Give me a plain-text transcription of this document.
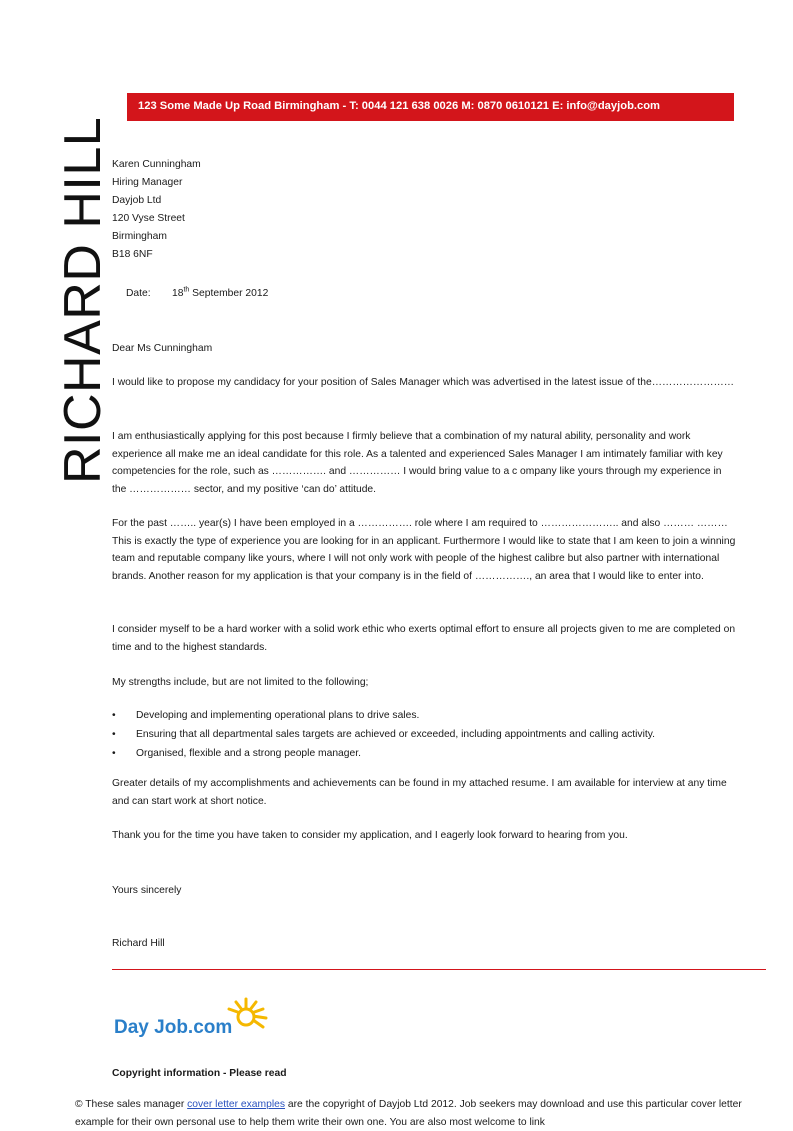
RICHARD HILL
123 Some Made Up Road Birmingham - T: 0044 121 638 0026 M: 0870 0610121 E: info@dayjob.com
Karen Cunningham
Hiring Manager
Dayjob Ltd
120 Vyse Street
Birmingham
B18 6NF
Date: 18th September 2012
Dear Ms Cunningham
I would like to propose my candidacy for your position of Sales Manager which was advertised in the latest issue of the……………………
I am enthusiastically applying for this post because I firmly believe that a combination of my natural ability, personality and work experience all make me an ideal candidate for this role. As a talented and experienced Sales Manager I am intimately familiar with key competencies for the role, such as ……………. and …………… I would bring value to a c ompany like yours through my experience in the ……………… sector, and my positive ‘can do’ attitude.
For the past …….. year(s) I have been employed in a ……………. role where I am required to ………………….. and also ……… ……… This is exactly the type of experience you are looking for in an applicant. Furthermore I would like to state that I am keen to join a winning team and reputable company like yours, where I will not only work with people of the highest calibre but also partner with international brands. Another reason for my application is that your company is in the field of ……………., an area that I would like to enter into.
I consider myself to be a hard worker with a solid work ethic who exerts optimal effort to ensure all projects given to me are completed on time and to the highest standards.
My strengths include, but are not limited to the following;
• Developing and implementing operational plans to drive sales.
• Ensuring that all departmental sales targets are achieved or exceeded, including appointments and calling activity.
• Organised, flexible and a strong people manager.
Greater details of my accomplishments and achievements can be found in my attached resume. I am available for interview at any time and can start work at short notice.
Thank you for the time you have taken to consider my application, and I eagerly look forward to hearing from you.
Yours sincerely
Richard Hill
Day Job.com
Copyright information - Please read
© These sales manager cover letter examples are the copyright of Dayjob Ltd 2012. Job seekers may download and use this particular cover letter example for their own personal use to help them write their own one. You are also most welcome to link
